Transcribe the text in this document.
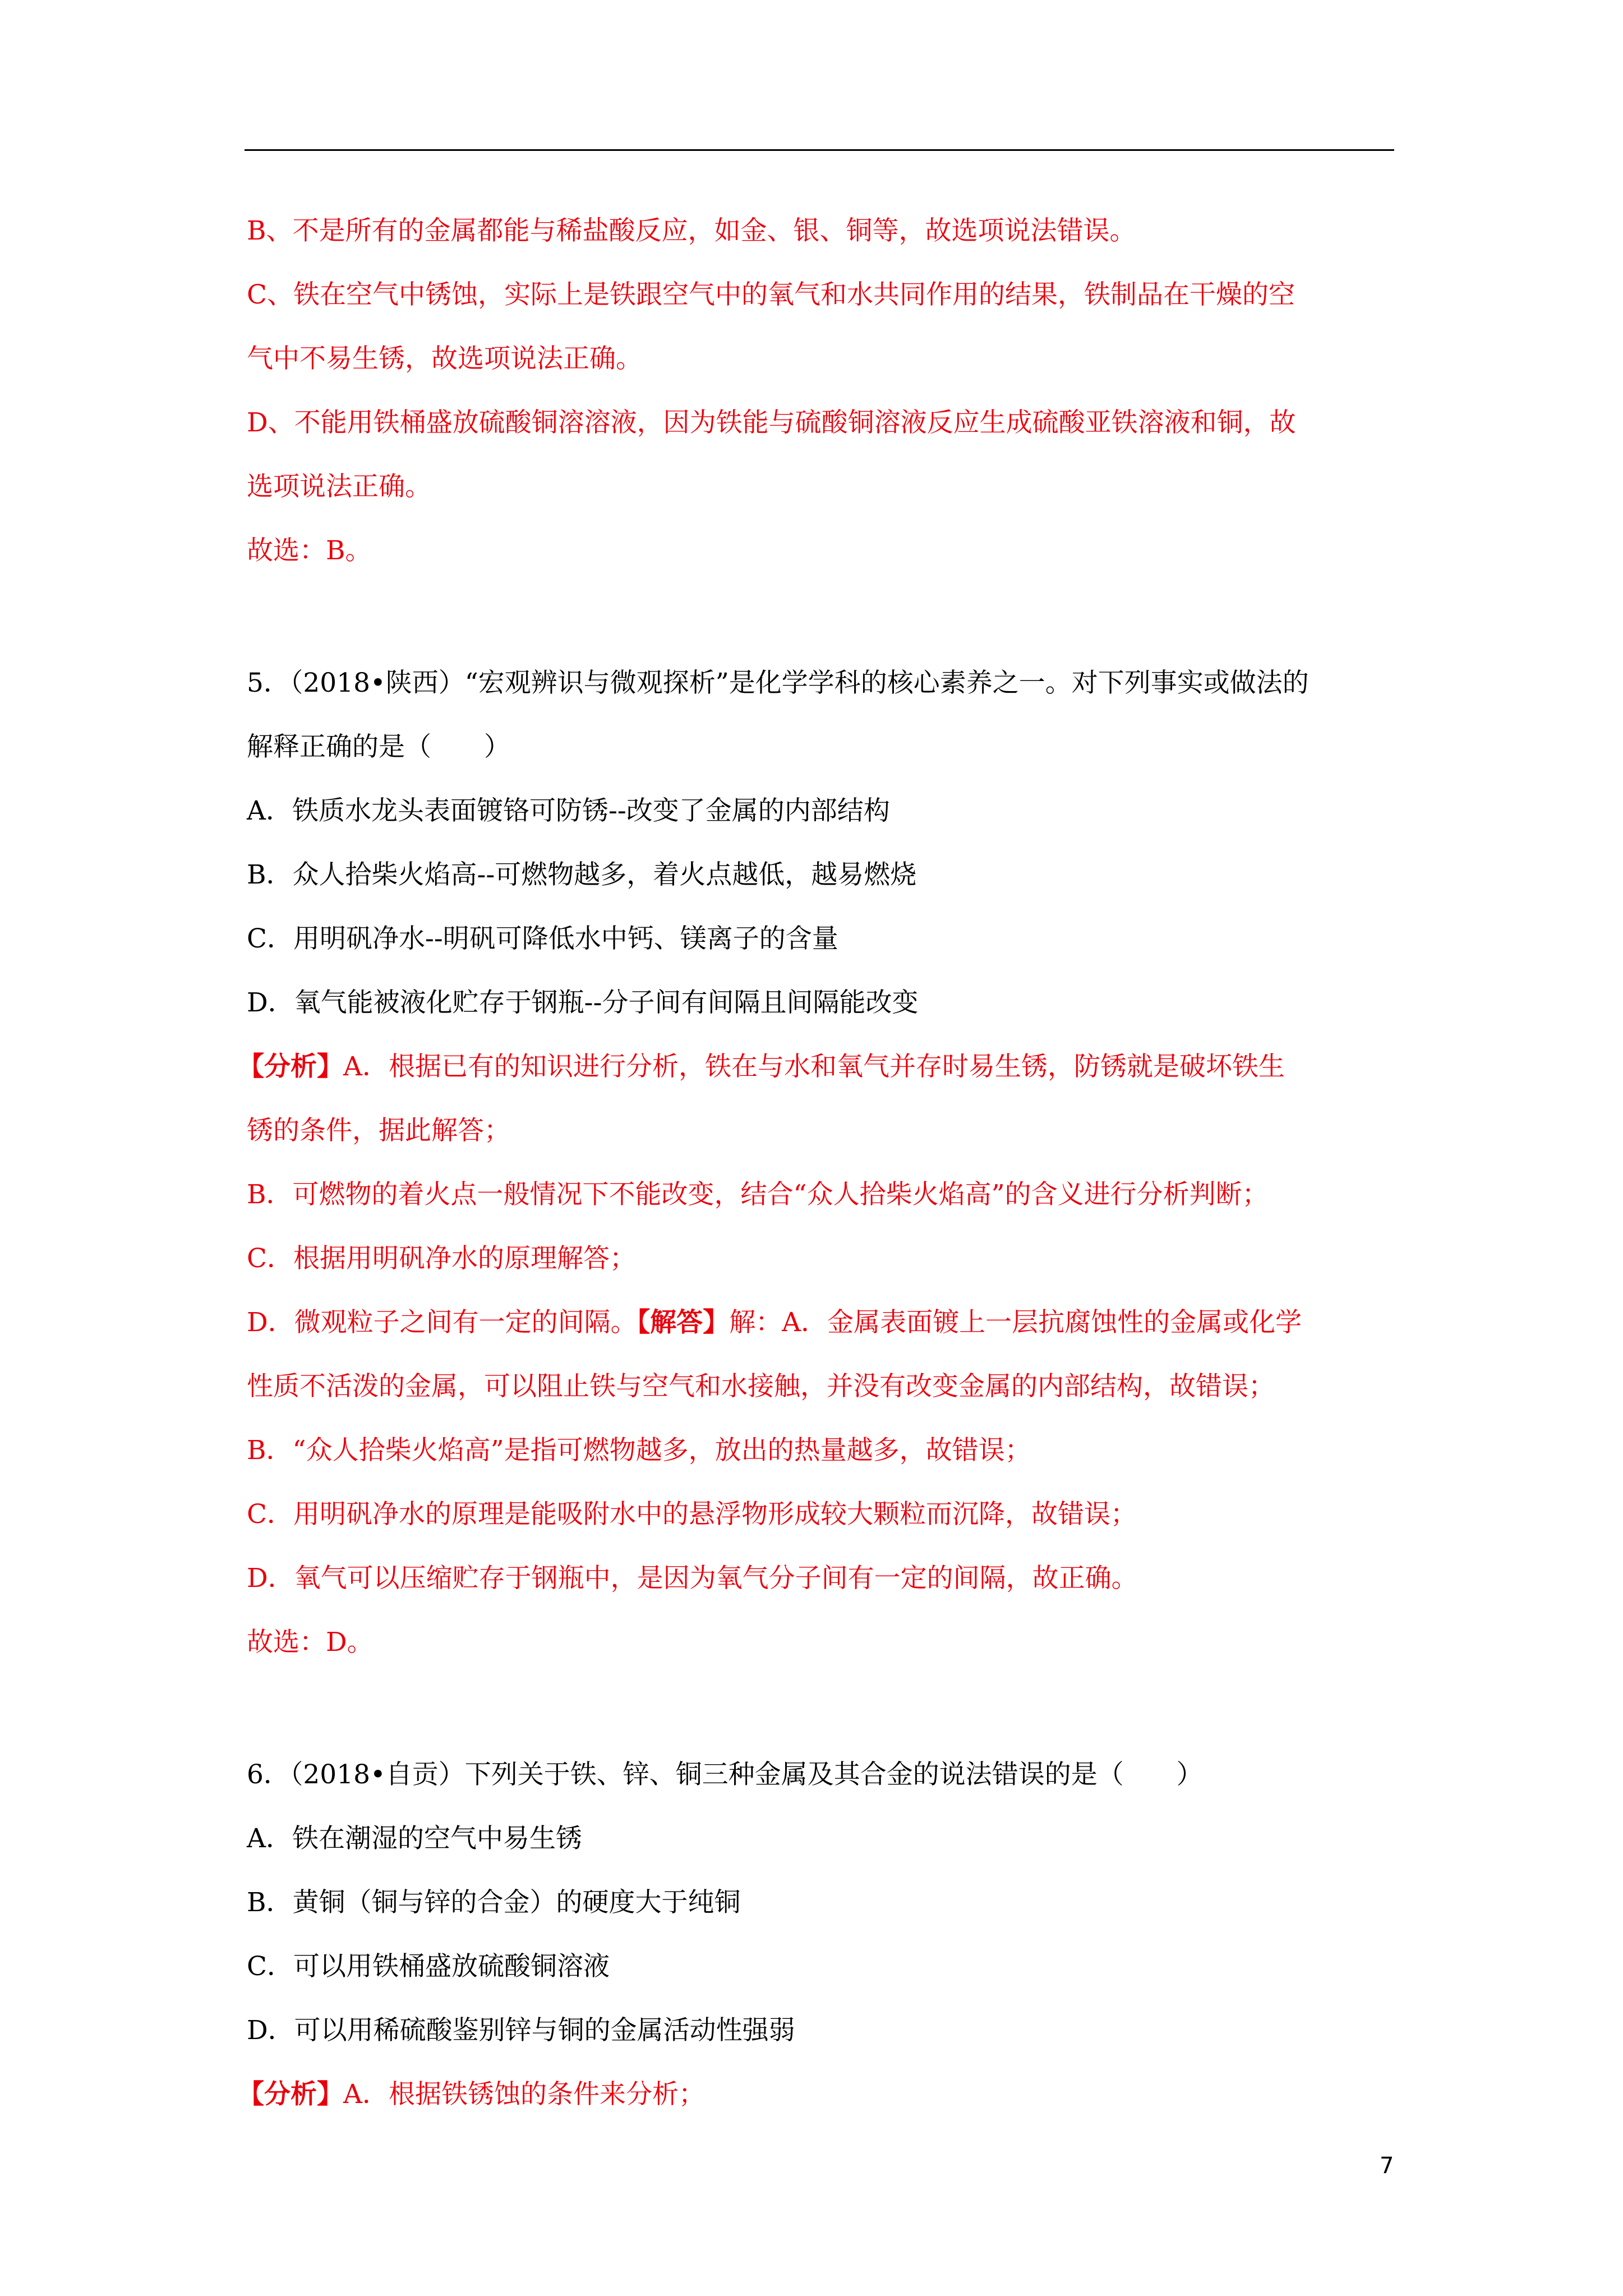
B、不是所有的金属都能与稀盐酸反应，如金、银、铜等，故选项说法错误。
C、铁在空气中锈蚀，实际上是铁跟空气中的氧气和水共同作用的结果，铁制品在干燥的空
气中不易生锈，故选项说法正确。
D、不能用铁桶盛放硫酸铜溶溶液，因为铁能与硫酸铜溶液反应生成硫酸亚铁溶液和铜，故
选项说法正确。
故选：B。
5．（2018•陕西）“宏观辨识与微观探析”是化学学科的核心素养之一。对下列事实或做法的
解释正确的是（　　）
A．铁质水龙头表面镀铬可防锈--改变了金属的内部结构
B．众人拾柴火焰高--可燃物越多，着火点越低，越易燃烧
C．用明矾净水--明矾可降低水中钙、镁离子的含量
D．氧气能被液化贮存于钢瓶--分子间有间隔且间隔能改变
【分析】A．根据已有的知识进行分析，铁在与水和氧气并存时易生锈，防锈就是破坏铁生
锈的条件，据此解答；
B．可燃物的着火点一般情况下不能改变，结合“众人拾柴火焰高”的含义进行分析判断；
C．根据用明矾净水的原理解答；
D．微观粒子之间有一定的间隔。【解答】解：A．金属表面镀上一层抗腐蚀性的金属或化学
性质不活泼的金属，可以阻止铁与空气和水接触，并没有改变金属的内部结构，故错误；
B．“众人拾柴火焰高”是指可燃物越多，放出的热量越多，故错误；
C．用明矾净水的原理是能吸附水中的悬浮物形成较大颗粒而沉降，故错误；
D．氧气可以压缩贮存于钢瓶中，是因为氧气分子间有一定的间隔，故正确。
故选：D。
6．（2018•自贡）下列关于铁、锌、铜三种金属及其合金的说法错误的是（　　）
A．铁在潮湿的空气中易生锈
B．黄铜（铜与锌的合金）的硬度大于纯铜
C．可以用铁桶盛放硫酸铜溶液
D．可以用稀硫酸鉴别锌与铜的金属活动性强弱
【分析】A．根据铁锈蚀的条件来分析；
7
